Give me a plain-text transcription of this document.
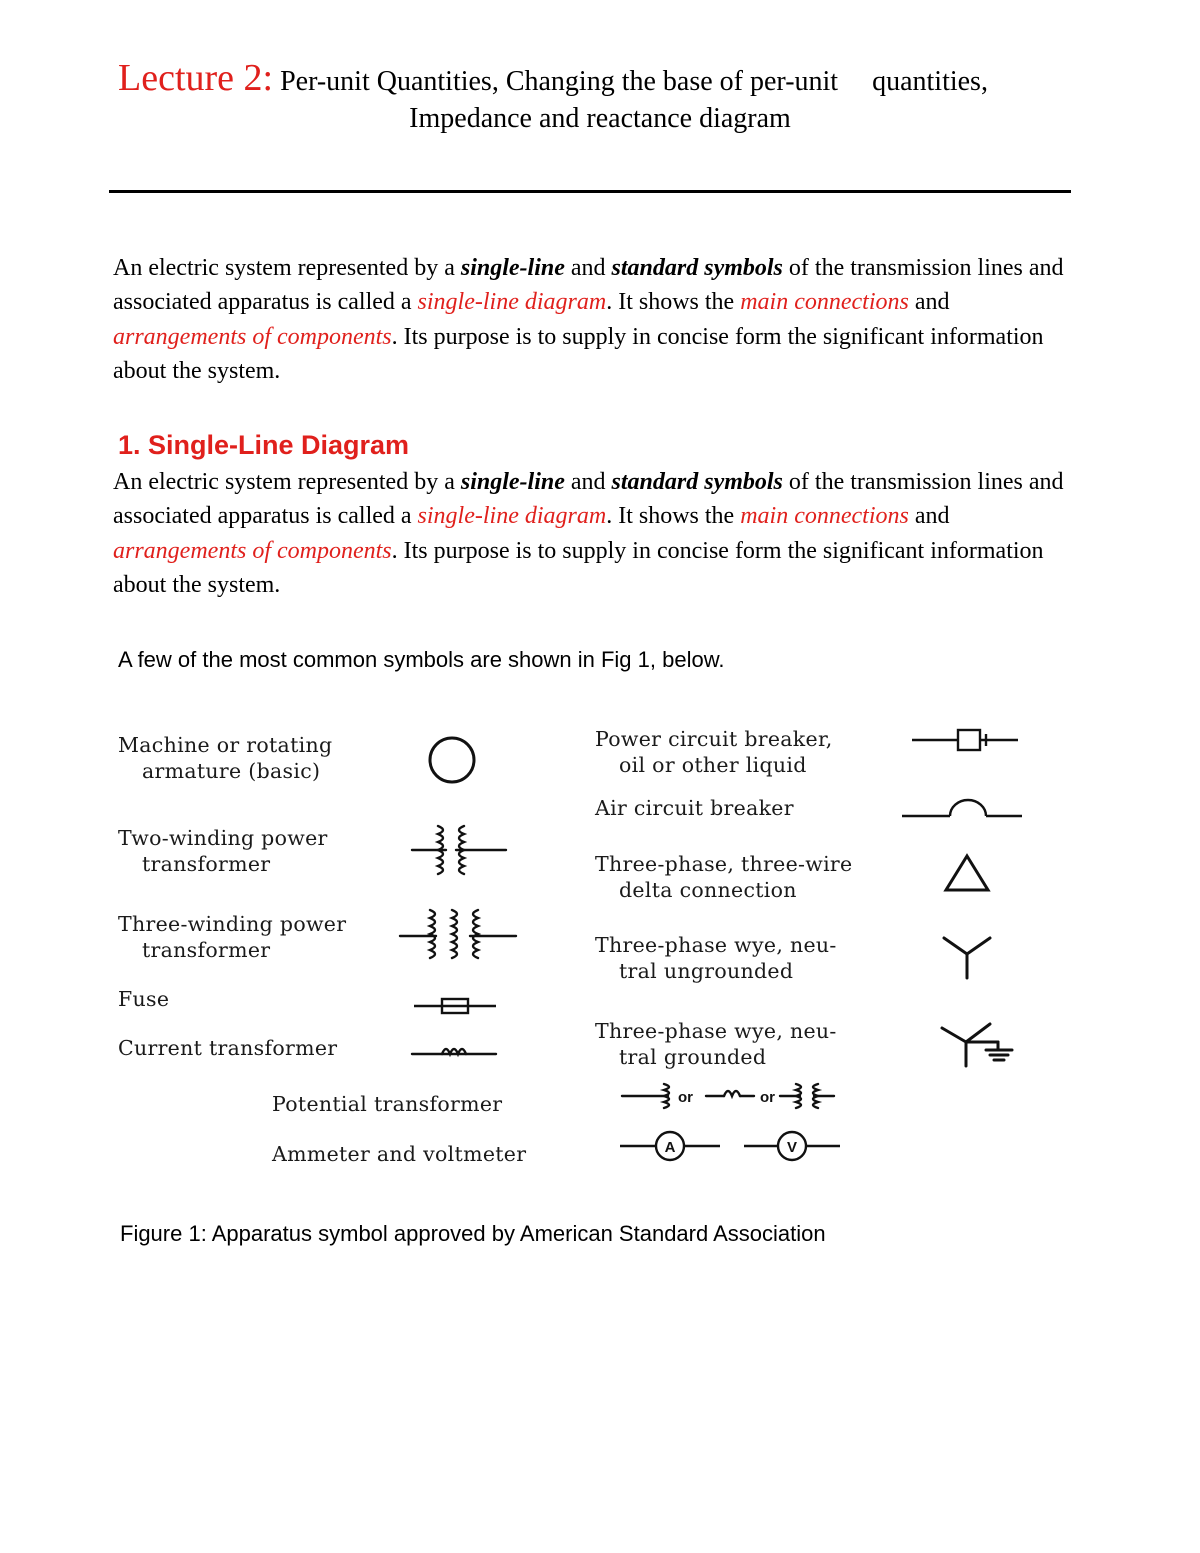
Lecture 2: Per-unit Quantities, Changing the base of per-unit quantities,
Impedance and reactance diagram

An electric system represented by a single-line and standard symbols of the transmission lines and associated apparatus is called a single-line diagram. It shows the main connections and arrangements of components. Its purpose is to supply in concise form the significant information about the system.

1. Single-Line Diagram

An electric system represented by a single-line and standard symbols of the transmission lines and associated apparatus is called a single-line diagram. It shows the main connections and arrangements of components. Its purpose is to supply in concise form the significant information about the system.

A few of the most common symbols are shown in Fig 1, below.
Machine or rotating
armature (basic)
Two-winding power
transformer
Three-winding power
transformer
Fuse
Current transformer
Power circuit breaker,
oil or other liquid
Air circuit breaker
Three-phase, three-wire
delta connection
Three-phase wye, neu-
tral ungrounded
Three-phase wye, neu-
tral grounded
Potential transformer
Ammeter and voltmeter
or	or
A	V
Figure 1: Apparatus symbol approved by American Standard Association
